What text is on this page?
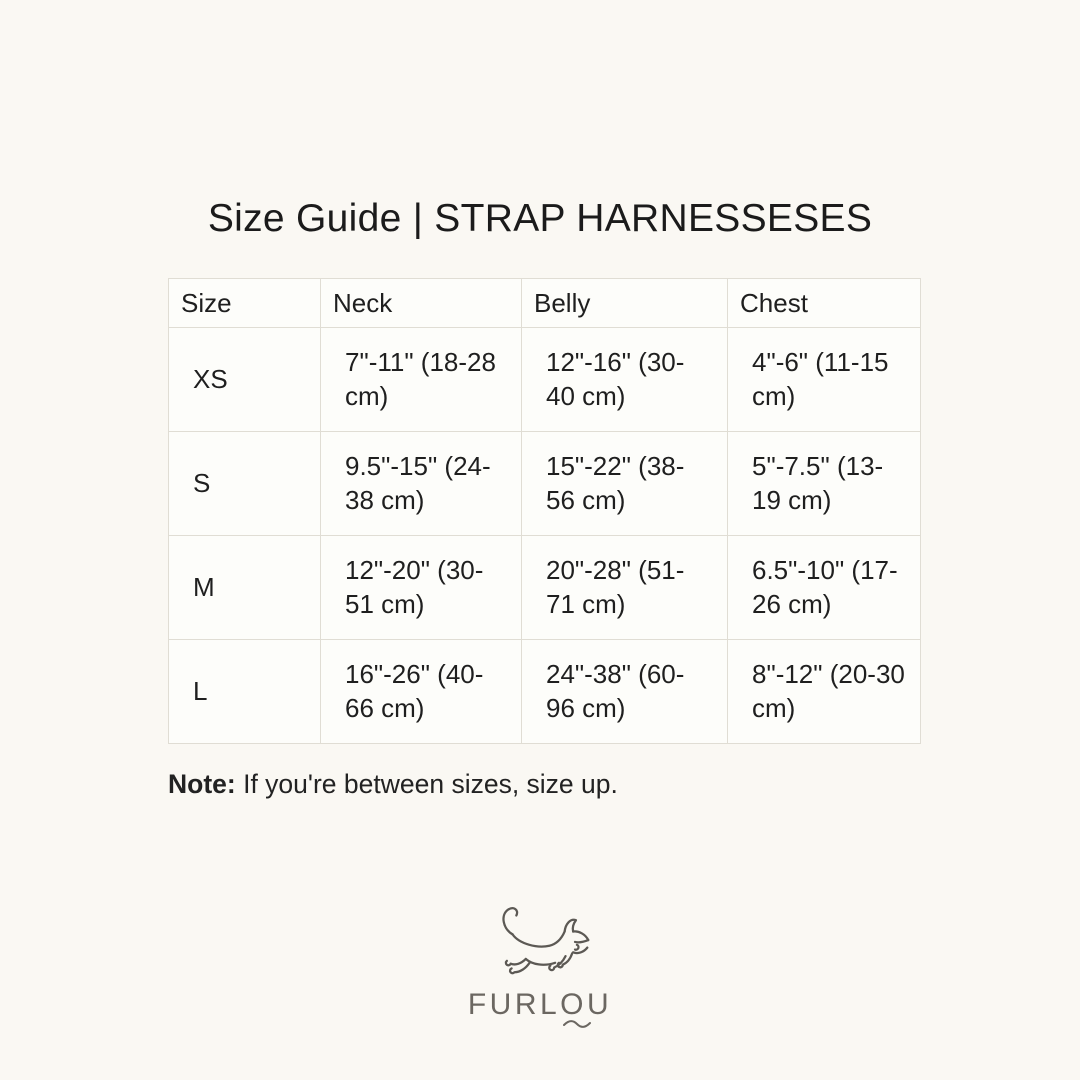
Size Guide | STRAP HARNESSESES
Size	Neck	Belly	Chest
XS	7"-11" (18-28 cm)	12"-16" (30-40 cm)	4"-6" (11-15 cm)
S	9.5"-15" (24-38 cm)	15"-22" (38-56 cm)	5"-7.5" (13-19 cm)
M	12"-20" (30-51 cm)	20"-28" (51-71 cm)	6.5"-10" (17-26 cm)
L	16"-26" (40-66 cm)	24"-38" (60-96 cm)	8"-12" (20-30 cm)

Note: If you're between sizes, size up.

FURLOU
